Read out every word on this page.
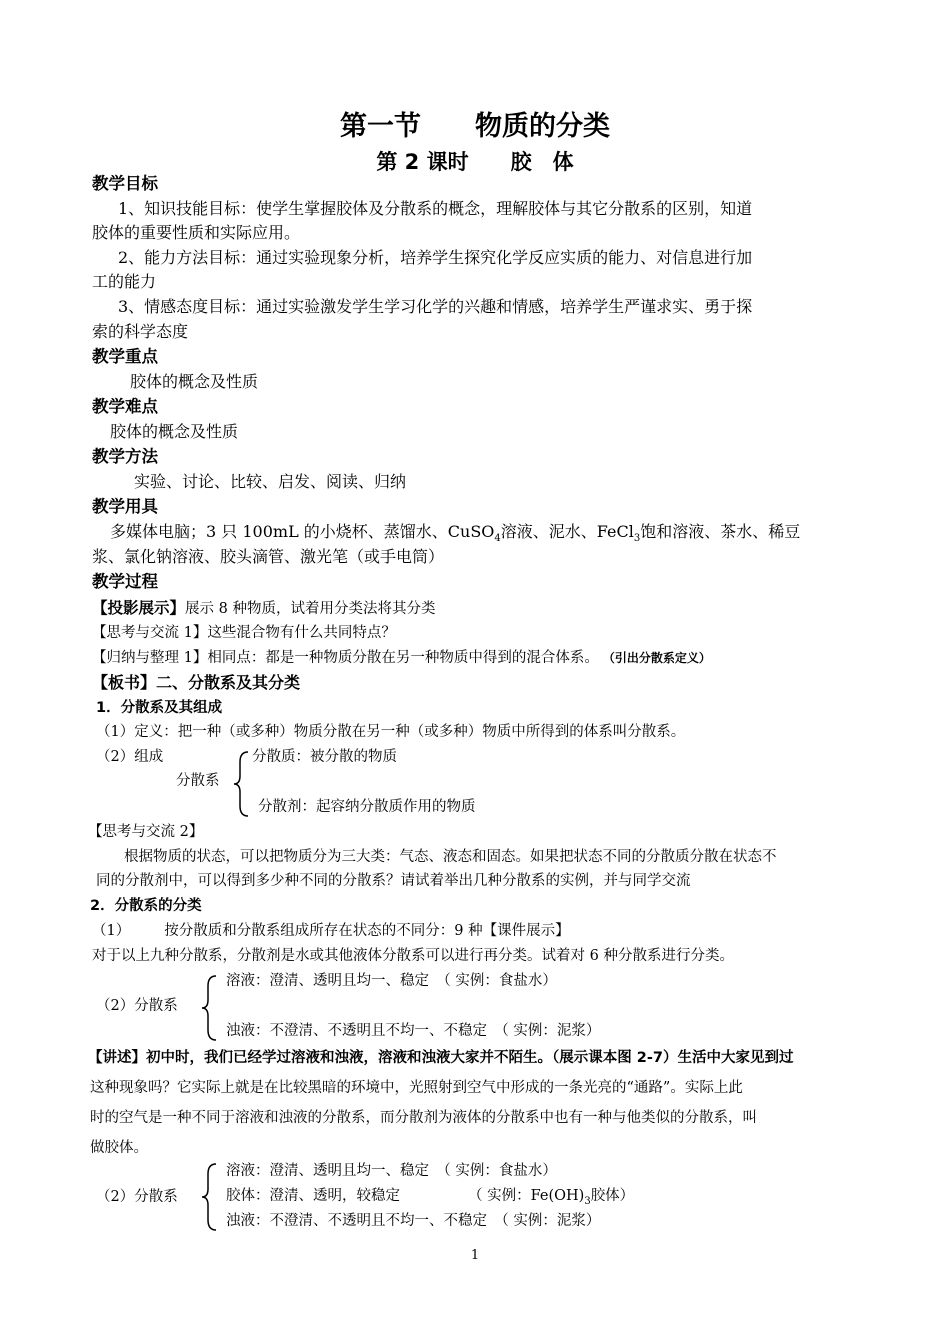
第一节　　物质的分类
第 2 课时　　胶　体
教学目标
1、知识技能目标：使学生掌握胶体及分散系的概念，理解胶体与其它分散系的区别，知道
胶体的重要性质和实际应用。
2、能力方法目标：通过实验现象分析，培养学生探究化学反应实质的能力、对信息进行加
工的能力
3、情感态度目标：通过实验激发学生学习化学的兴趣和情感，培养学生严谨求实、勇于探
索的科学态度
教学重点
胶体的概念及性质
教学难点
胶体的概念及性质
教学方法
实验、讨论、比较、启发、阅读、归纳
教学用具
多媒体电脑；3 只 100mL 的小烧杯、蒸馏水、CuSO$_4$溶液、泥水、FeCl$_3$饱和溶液、茶水、稀豆
浆、氯化钠溶液、胶头滴管、激光笔（或手电筒）
教学过程
【投影展示】展示 8 种物质，试着用分类法将其分类
【思考与交流 1】这些混合物有什么共同特点？
【归纳与整理 1】相同点：都是一种物质分散在另一种物质中得到的混合体系。 （引出分散系定义）
【板书】二、分散系及其分类
1．分散系及其组成
（1）定义：把一种（或多种）物质分散在另一种（或多种）物质中所得到的体系叫分散系。
（2）组成
分散系
分散质：被分散的物质
分散剂：起容纳分散质作用的物质
【思考与交流 2】
根据物质的状态，可以把物质分为三大类：气态、液态和固态。如果把状态不同的分散质分散在状态不
同的分散剂中，可以得到多少种不同的分散系？请试着举出几种分散系的实例，并与同学交流
2．分散系的分类
（1） 按分散质和分散系组成所存在状态的不同分：9 种【课件展示】
对于以上九种分散系，分散剂是水或其他液体分散系可以进行再分类。试着对 6 种分散系进行分类。
（2）分散系
溶液：澄清、透明且均一、稳定　（ 实例：食盐水）
浊液：不澄清、不透明且不均一、不稳定　（ 实例：泥浆）
【讲述】初中时，我们已经学过溶液和浊液，溶液和浊液大家并不陌生。（展示课本图 2-7）生活中大家见到过
这种现象吗？它实际上就是在比较黑暗的环境中，光照射到空气中形成的一条光亮的“通路”。实际上此
时的空气是一种不同于溶液和浊液的分散系，而分散剂为液体的分散系中也有一种与他类似的分散系，叫
做胶体。
（2）分散系
溶液：澄清、透明且均一、稳定　（ 实例：食盐水）
胶体：澄清、透明，较稳定	（ 实例：$Fe(OH)_3$胶体）
浊液：不澄清、不透明且不均一、不稳定　（ 实例：泥浆）
1
